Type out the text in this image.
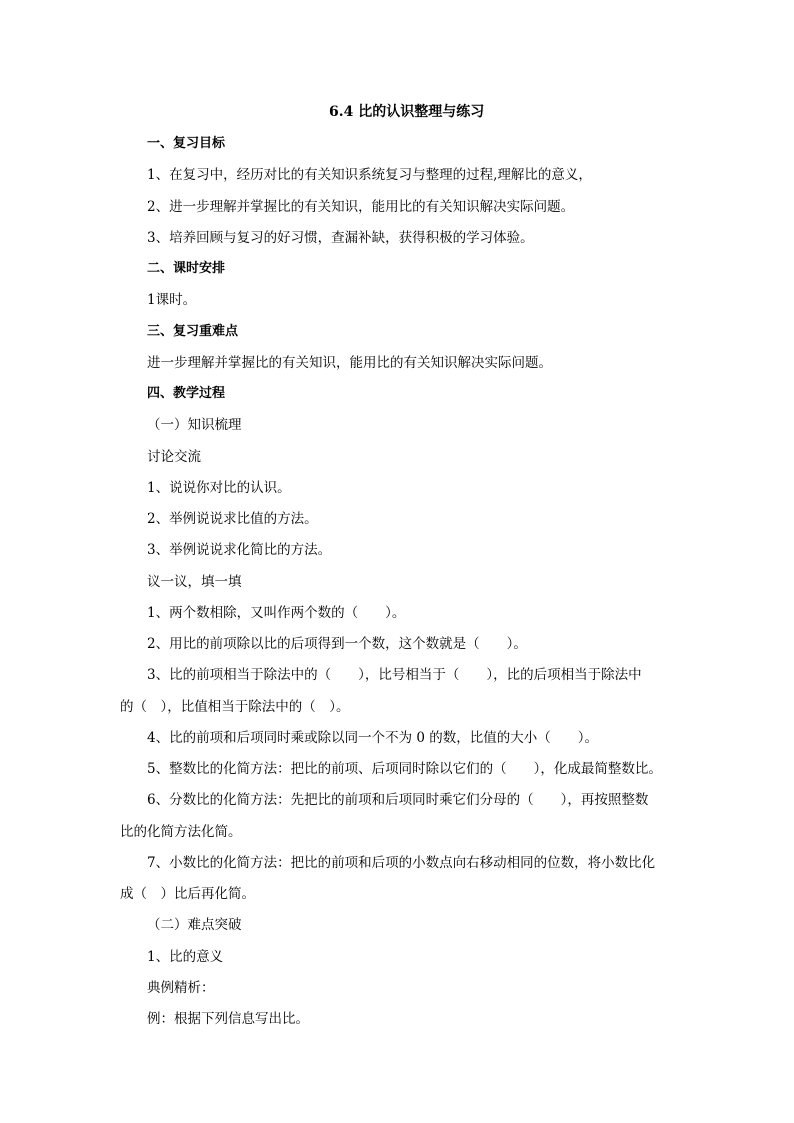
6.4 比的认识整理与练习
一、复习目标
1、在复习中，经历对比的有关知识系统复习与整理的过程,理解比的意义，
2、进一步理解并掌握比的有关知识，能用比的有关知识解决实际问题。
3、培养回顾与复习的好习惯，查漏补缺，获得积极的学习体验。
二、课时安排
1课时。
三、复习重难点
进一步理解并掌握比的有关知识，能用比的有关知识解决实际问题。
四、教学过程
（一）知识梳理
讨论交流
1、说说你对比的认识。
2、举例说说求比值的方法。
3、举例说说求化简比的方法。
议一议，填一填
1、两个数相除，又叫作两个数的（　　）。
2、用比的前项除以比的后项得到一个数，这个数就是（　　）。
3、比的前项相当于除法中的（　　），比号相当于（　　），比的后项相当于除法中
的（　），比值相当于除法中的（　）。
4、比的前项和后项同时乘或除以同一个不为 0 的数，比值的大小（　　）。
5、整数比的化简方法：把比的前项、后项同时除以它们的（　　），化成最简整数比。
6、分数比的化简方法：先把比的前项和后项同时乘它们分母的（　　），再按照整数
比的化简方法化简。
7、小数比的化简方法：把比的前项和后项的小数点向右移动相同的位数，将小数比化
成（　）比后再化简。
（二）难点突破
1、比的意义
典例精析：
例：根据下列信息写出比。
